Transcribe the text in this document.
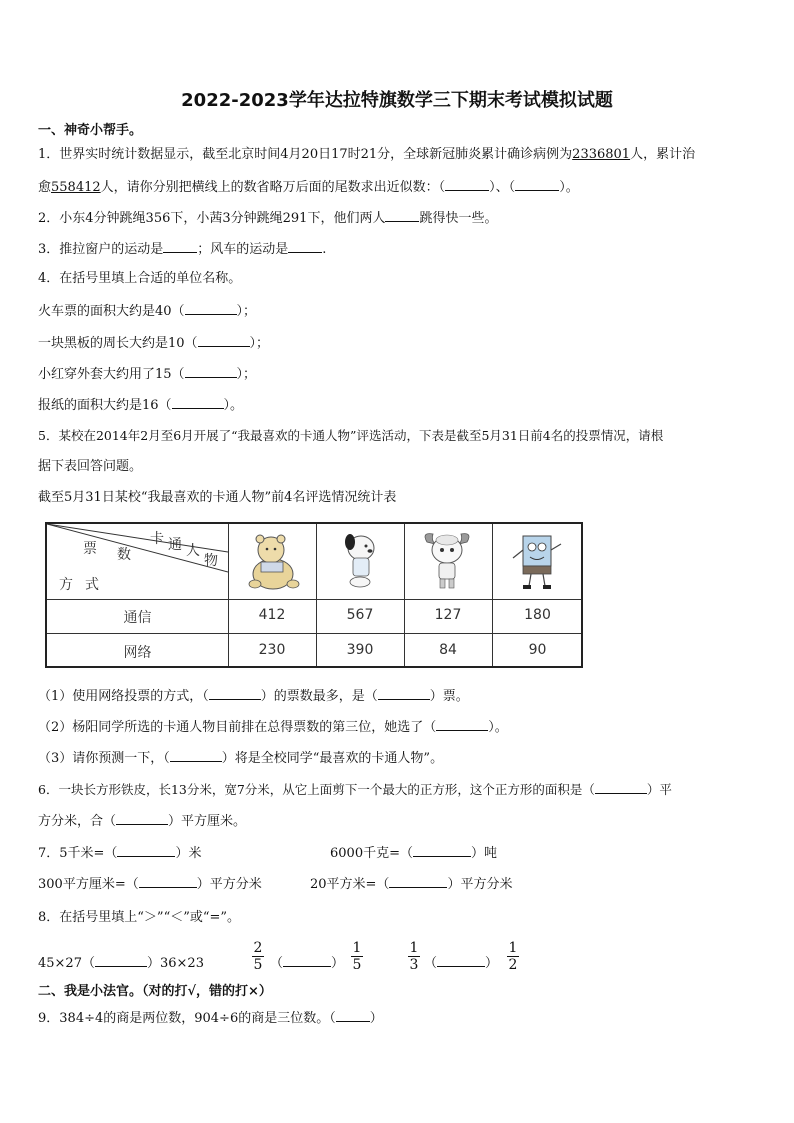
2022-2023学年达拉特旗数学三下期末考试模拟试题
一、神奇小帮手。
1．世界实时统计数据显示，截至北京时间4月20日17时21分，全球新冠肺炎累计确诊病例为2336801人，累计治
愈558412人，请你分别把横线上的数省略万后面的尾数求出近似数：（	）、（	）。
2．小东4分钟跳绳356下，小茜3分钟跳绳291下，他们两人	跳得快一些。
3．推拉窗户的运动是	；风车的运动是	.
4．在括号里填上合适的单位名称。
火车票的面积大约是40（	）；
一块黑板的周长大约是10（	）；
小红穿外套大约用了15（	）；
报纸的面积大约是16（	）。
5．某校在2014年2月至6月开展了“我最喜欢的卡通人物”评选活动，下表是截至5月31日前4名的投票情况，请根
据下表回答问题。
截至5月31日某校“我最喜欢的卡通人物”前4名评选情况统计表
卡 通 人
物
票 数
方 式
通信	412	567	127	180
网络	230	390	84	90
（1）使用网络投票的方式，（	）的票数最多，是（	）票。
（2）杨阳同学所选的卡通人物目前排在总得票数的第三位，她选了（	）。
（3）请你预测一下，（	）将是全校同学“最喜欢的卡通人物”。
6．一块长方形铁皮，长13分米，宽7分米，从它上面剪下一个最大的正方形，这个正方形的面积是（	）平
方分米，合（	）平方厘米。
7．5千米=（	）米	6000千克=（	）吨
300平方厘米=（	）平方分米	20平方米=（	）平方分米
8．在括号里填上“＞”“＜”或“=”。
45×27（	）36×23
2
5 （	）
1
5
1
3 （	）
1
2
二、我是小法官。（对的打√，错的打×）
9．384÷4的商是两位数，904÷6的商是三位数。（	）
